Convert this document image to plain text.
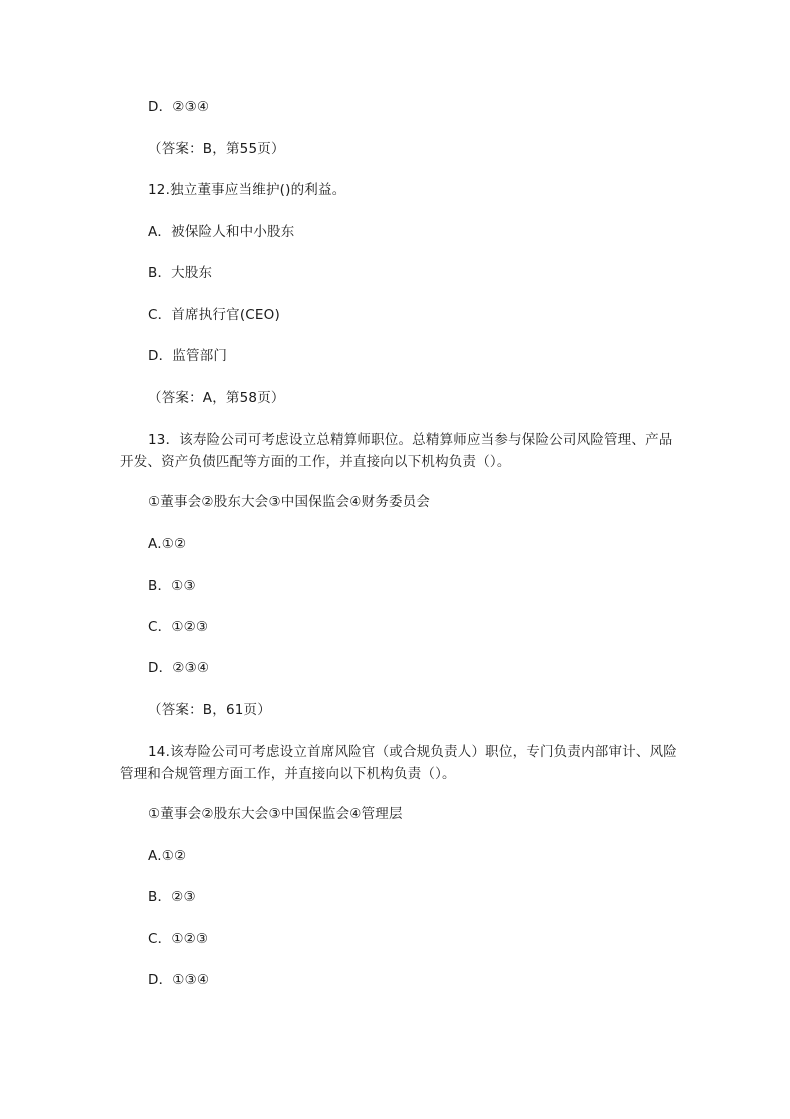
D．②③④
（答案：B，第55页）
12.独立董事应当维护()的利益。
A．被保险人和中小股东
B．大股东
C．首席执行官(CEO)
D．监管部门
（答案：A，第58页）
13．该寿险公司可考虑设立总精算师职位。总精算师应当参与保险公司风险管理、产品开发、资产负债匹配等方面的工作，并直接向以下机构负责（）。
①董事会②股东大会③中国保监会④财务委员会
A.①②
B．①③
C．①②③
D．②③④
（答案：B，61页）
14.该寿险公司可考虑设立首席风险官（或合规负责人）职位，专门负责内部审计、风险管理和合规管理方面工作，并直接向以下机构负责（）。
①董事会②股东大会③中国保监会④管理层
A.①②
B．②③
C．①②③
D．①③④
